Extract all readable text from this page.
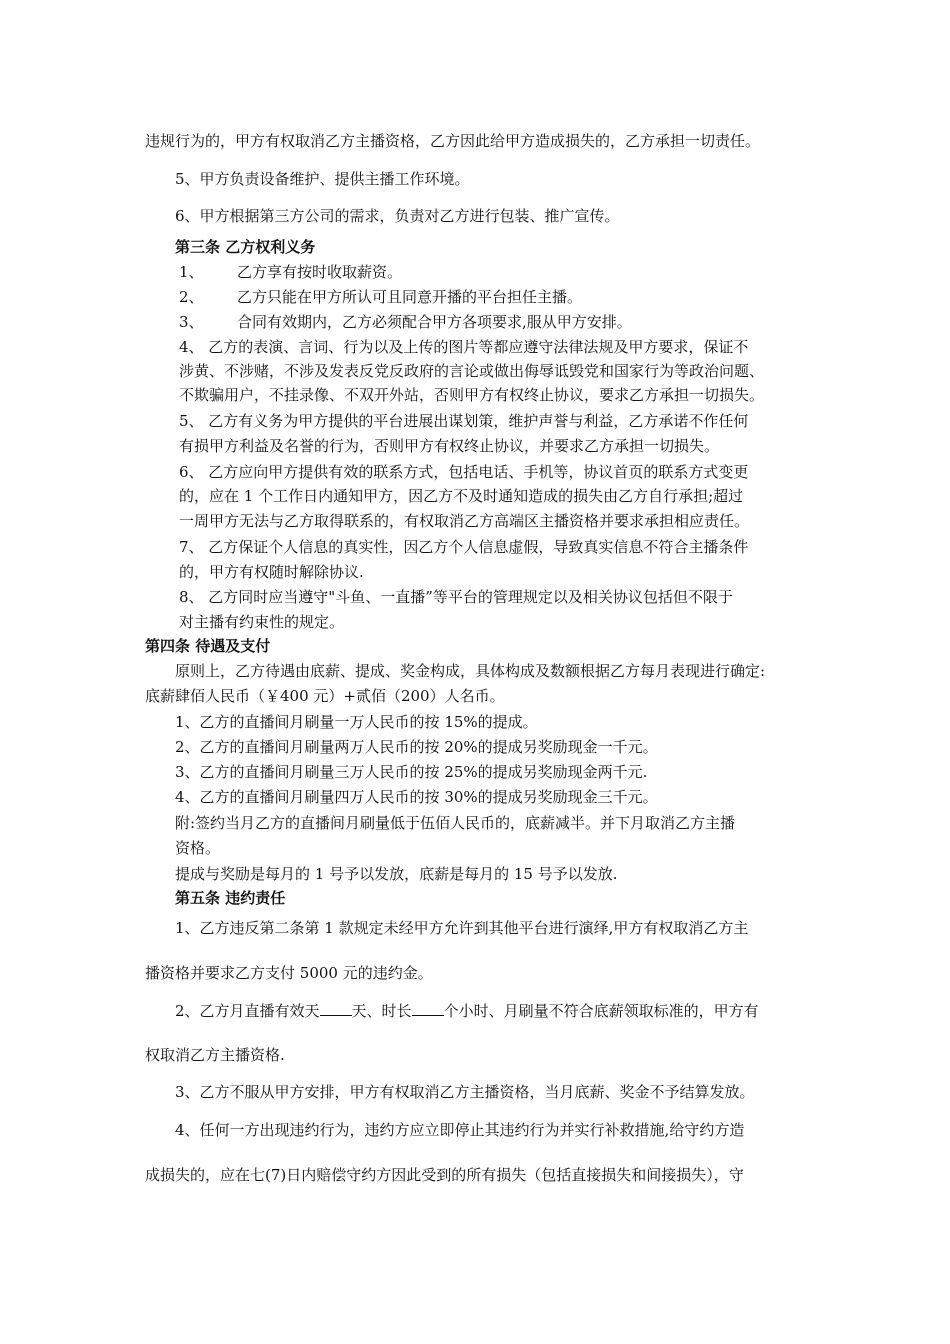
违规行为的，甲方有权取消乙方主播资格，乙方因此给甲方造成损失的，乙方承担一切责任。
5、甲方负责设备维护、提供主播工作环境。
6、甲方根据第三方公司的需求，负责对乙方进行包装、推广宣传。
第三条 乙方权利义务
1、 乙方享有按时收取薪资。
2、 乙方只能在甲方所认可且同意开播的平台担任主播。
3、 合同有效期内，乙方必须配合甲方各项要求,服从甲方安排。
4、 乙方的表演、言词、行为以及上传的图片等都应遵守法律法规及甲方要求，保证不
涉黄、不涉赌，不涉及发表反党反政府的言论或做出侮辱诋毁党和国家行为等政治问题、
不欺骗用户，不挂录像、不双开外站，否则甲方有权终止协议，要求乙方承担一切损失。
5、 乙方有义务为甲方提供的平台进展出谋划策，维护声誉与利益，乙方承诺不作任何
有损甲方利益及名誉的行为，否则甲方有权终止协议，并要求乙方承担一切损失。
6、 乙方应向甲方提供有效的联系方式，包括电话、手机等，协议首页的联系方式变更
的，应在 1 个工作日内通知甲方，因乙方不及时通知造成的损失由乙方自行承担;超过
一周甲方无法与乙方取得联系的，有权取消乙方高端区主播资格并要求承担相应责任。
7、 乙方保证个人信息的真实性，因乙方个人信息虚假，导致真实信息不符合主播条件
的，甲方有权随时解除协议.
8、 乙方同时应当遵守"斗鱼、一直播”等平台的管理规定以及相关协议包括但不限于
对主播有约束性的规定。
第四条 待遇及支付
原则上，乙方待遇由底薪、提成、奖金构成，具体构成及数额根据乙方每月表现进行确定:
底薪肆佰人民币（￥400 元）+贰佰（200）人名币。
1、乙方的直播间月刷量一万人民币的按 15%的提成。
2、乙方的直播间月刷量两万人民币的按 20%的提成另奖励现金一千元。
3、乙方的直播间月刷量三万人民币的按 25%的提成另奖励现金两千元.
4、乙方的直播间月刷量四万人民币的按 30%的提成另奖励现金三千元。
附:签约当月乙方的直播间月刷量低于伍佰人民币的，底薪减半。并下月取消乙方主播
资格。
提成与奖励是每月的 1 号予以发放，底薪是每月的 15 号予以发放.
第五条 违约责任
1、乙方违反第二条第 1 款规定未经甲方允许到其他平台进行演绎,甲方有权取消乙方主
播资格并要求乙方支付 5000 元的违约金。
2、乙方月直播有效天 天、时长 个小时、月刷量不符合底薪领取标准的，甲方有
权取消乙方主播资格.
3、乙方不服从甲方安排，甲方有权取消乙方主播资格，当月底薪、奖金不予结算发放。
4、任何一方出现违约行为，违约方应立即停止其违约行为并实行补救措施,给守约方造
成损失的，应在七(7)日内赔偿守约方因此受到的所有损失（包括直接损失和间接损失），守
